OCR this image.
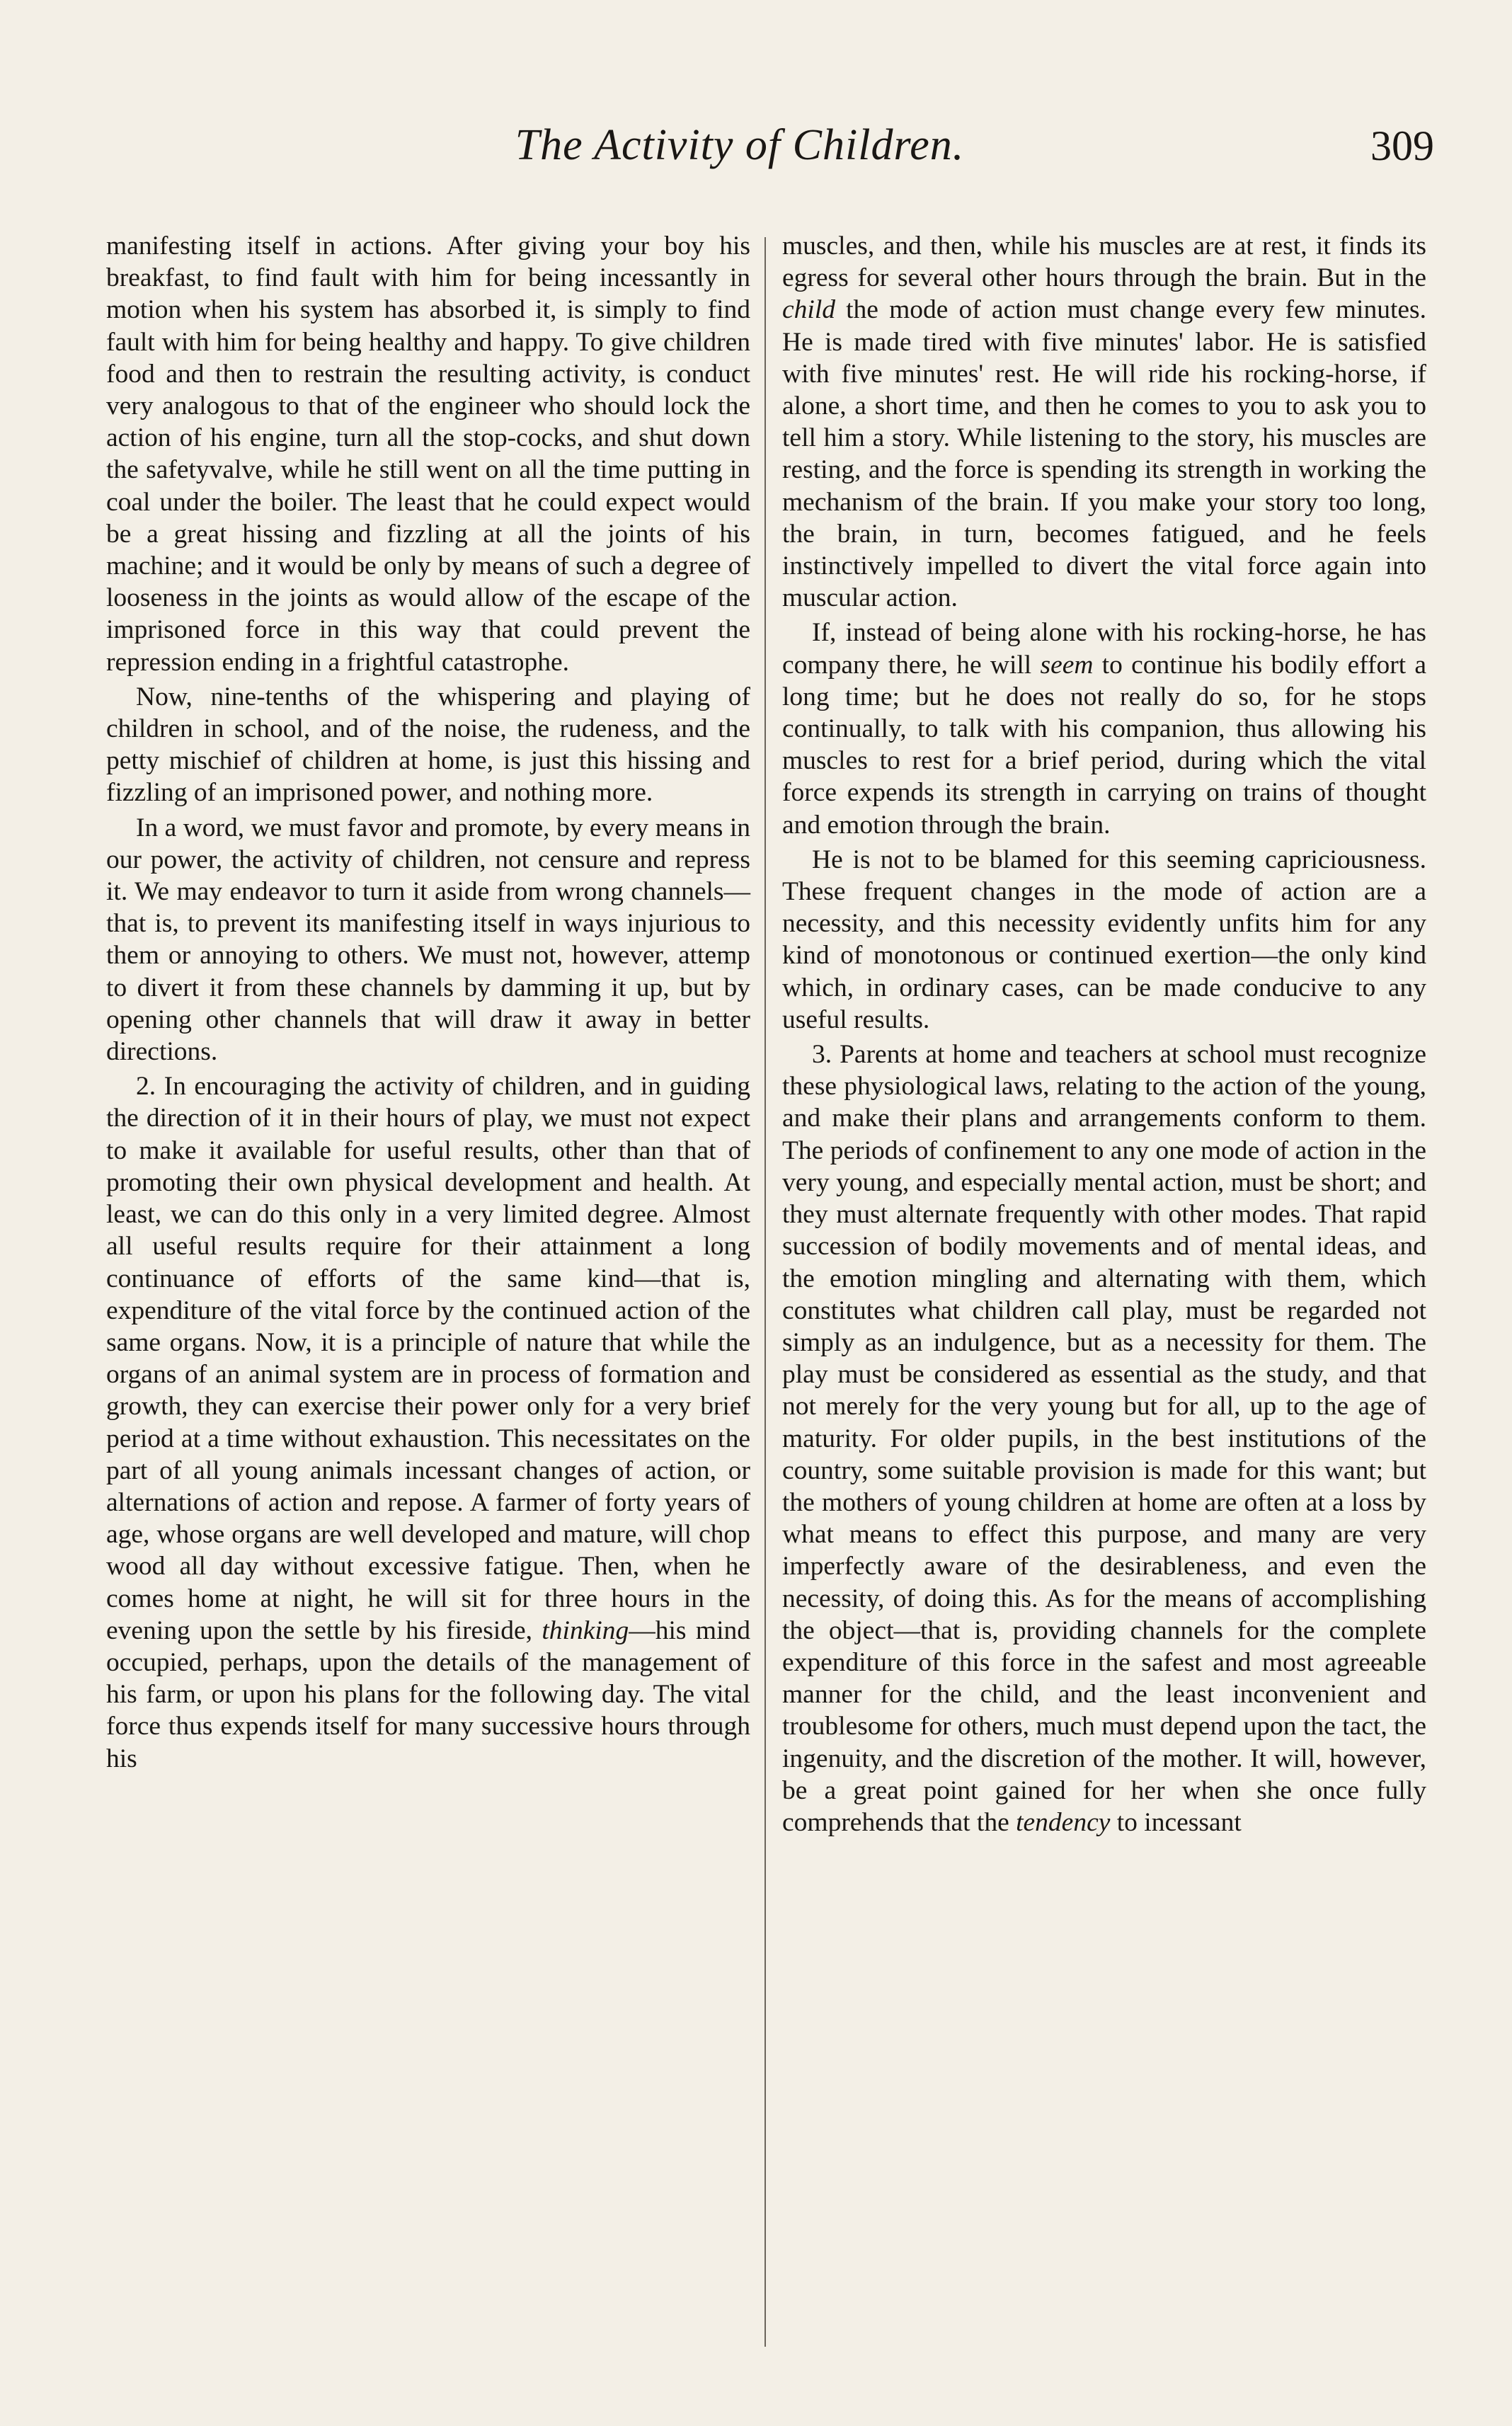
The Activity of Children.	309

manifesting itself in actions. After giving your boy his breakfast, to find fault with him for being incessantly in motion when his system has absorbed it, is simply to find fault with him for being healthy and happy. To give children food and then to restrain the resulting activity, is conduct very analogous to that of the engineer who should lock the action of his engine, turn all the stop-cocks, and shut down the safetyvalve, while he still went on all the time putting in coal under the boiler. The least that he could expect would be a great hissing and fizzling at all the joints of his machine; and it would be only by means of such a degree of looseness in the joints as would allow of the escape of the imprisoned force in this way that could prevent the repression ending in a frightful catastrophe.

Now, nine-tenths of the whispering and playing of children in school, and of the noise, the rudeness, and the petty mischief of children at home, is just this hissing and fizzling of an imprisoned power, and nothing more.

In a word, we must favor and promote, by every means in our power, the activity of children, not censure and repress it. We may endeavor to turn it aside from wrong channels—that is, to prevent its manifesting itself in ways injurious to them or annoying to others. We must not, however, attemp to divert it from these channels by damming it up, but by opening other channels that will draw it away in better directions.

2. In encouraging the activity of children, and in guiding the direction of it in their hours of play, we must not expect to make it available for useful results, other than that of promoting their own physical development and health. At least, we can do this only in a very limited degree. Almost all useful results require for their attainment a long continuance of efforts of the same kind—that is, expenditure of the vital force by the continued action of the same organs. Now, it is a principle of nature that while the organs of an animal system are in process of formation and growth, they can exercise their power only for a very brief period at a time without exhaustion. This necessitates on the part of all young animals incessant changes of action, or alternations of action and repose. A farmer of forty years of age, whose organs are well developed and mature, will chop wood all day without excessive fatigue. Then, when he comes home at night, he will sit for three hours in the evening upon the settle by his fireside, thinking—his mind occupied, perhaps, upon the details of the management of his farm, or upon his plans for the following day. The vital force thus expends itself for many successive hours through his

muscles, and then, while his muscles are at rest, it finds its egress for several other hours through the brain. But in the child the mode of action must change every few minutes. He is made tired with five minutes' labor. He is satisfied with five minutes' rest. He will ride his rocking-horse, if alone, a short time, and then he comes to you to ask you to tell him a story. While listening to the story, his muscles are resting, and the force is spending its strength in working the mechanism of the brain. If you make your story too long, the brain, in turn, becomes fatigued, and he feels instinctively impelled to divert the vital force again into muscular action.

If, instead of being alone with his rocking-horse, he has company there, he will seem to continue his bodily effort a long time; but he does not really do so, for he stops continually, to talk with his companion, thus allowing his muscles to rest for a brief period, during which the vital force expends its strength in carrying on trains of thought and emotion through the brain.

He is not to be blamed for this seeming capriciousness. These frequent changes in the mode of action are a necessity, and this necessity evidently unfits him for any kind of monotonous or continued exertion—the only kind which, in ordinary cases, can be made conducive to any useful results.

3. Parents at home and teachers at school must recognize these physiological laws, relating to the action of the young, and make their plans and arrangements conform to them. The periods of confinement to any one mode of action in the very young, and especially mental action, must be short; and they must alternate frequently with other modes. That rapid succession of bodily movements and of mental ideas, and the emotion mingling and alternating with them, which constitutes what children call play, must be regarded not simply as an indulgence, but as a necessity for them. The play must be considered as essential as the study, and that not merely for the very young but for all, up to the age of maturity. For older pupils, in the best institutions of the country, some suitable provision is made for this want; but the mothers of young children at home are often at a loss by what means to effect this purpose, and many are very imperfectly aware of the desirableness, and even the necessity, of doing this. As for the means of accomplishing the object—that is, providing channels for the complete expenditure of this force in the safest and most agreeable manner for the child, and the least inconvenient and troublesome for others, much must depend upon the tact, the ingenuity, and the discretion of the mother. It will, however, be a great point gained for her when she once fully comprehends that the tendency to incessant
